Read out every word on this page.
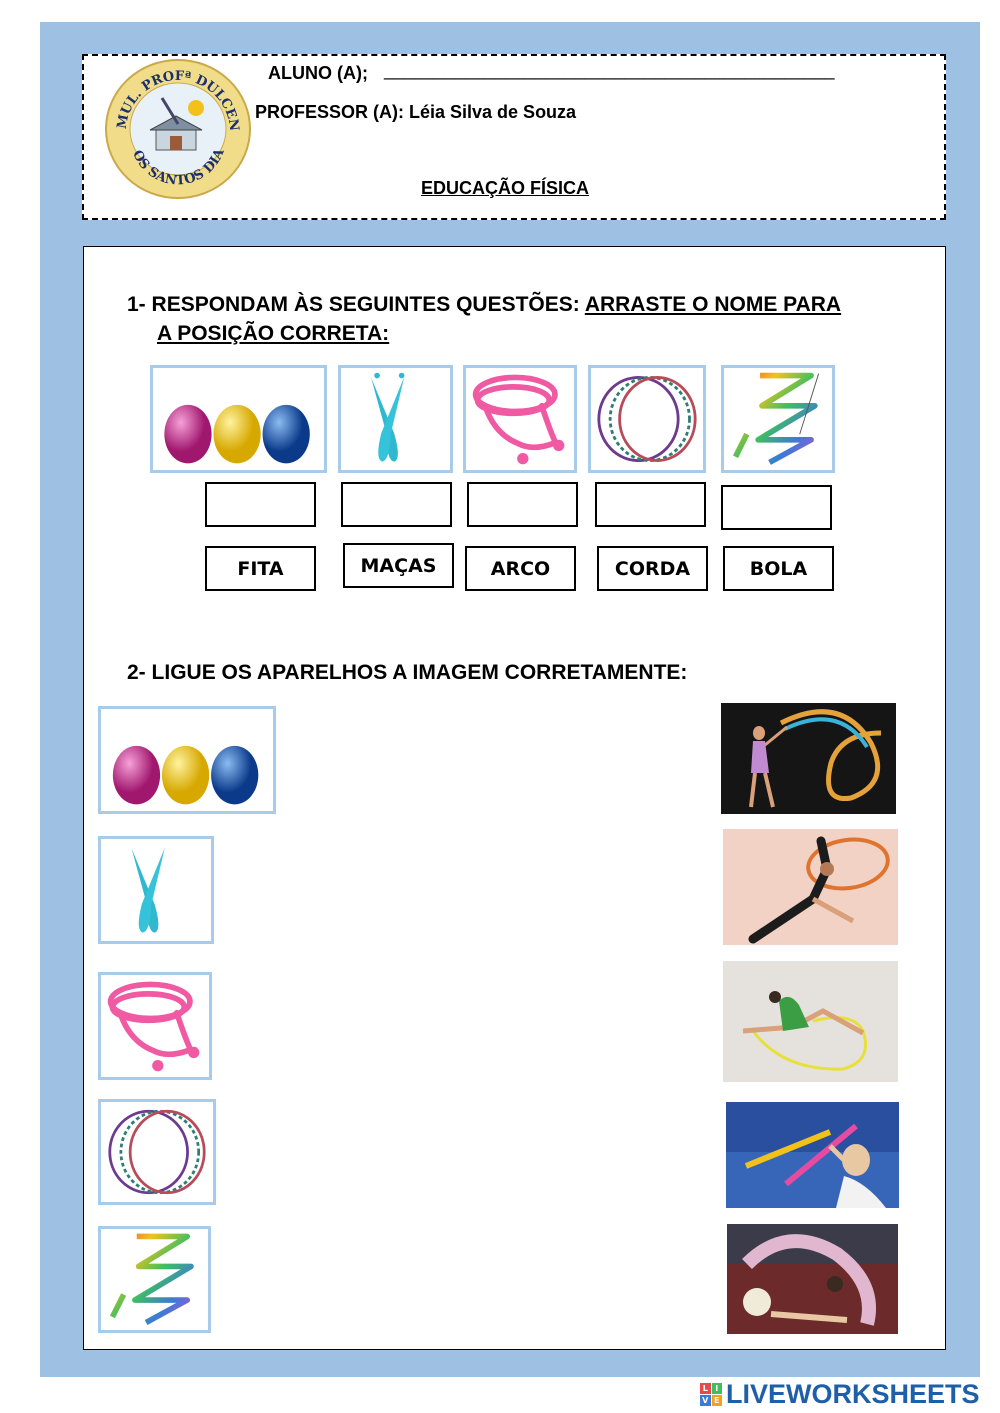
MUL. PROFª DULCEN
OS SANTOS DIA
ALUNO (A); _____________________________________________
PROFESSOR (A): Léia Silva de Souza
EDUCAÇÃO FÍSICA
1- RESPONDAM ÀS SEGUINTES QUESTÕES: ARRASTE O NOME PARA
A POSIÇÃO CORRETA:
FITA	MAÇAS	ARCO	CORDA	BOLA
2- LIGUE OS APARELHOS A IMAGEM CORRETAMENTE:
L I
V E LIVEWORKSHEETS
